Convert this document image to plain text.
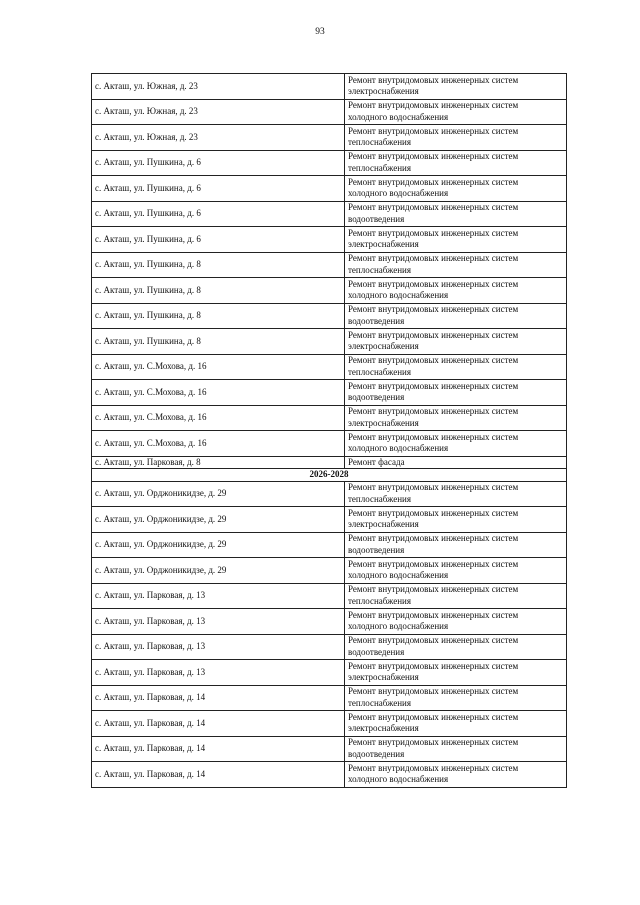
93
с. Акташ, ул. Южная, д. 23	Ремонт внутридомовых инженерных систем
электроснабжения
с. Акташ, ул. Южная, д. 23	Ремонт внутридомовых инженерных систем
холодного водоснабжения
с. Акташ, ул. Южная, д. 23	Ремонт внутридомовых инженерных систем
теплоснабжения
с. Акташ, ул. Пушкина, д. 6	Ремонт внутридомовых инженерных систем
теплоснабжения
с. Акташ, ул. Пушкина, д. 6	Ремонт внутридомовых инженерных систем
холодного водоснабжения
с. Акташ, ул. Пушкина, д. 6	Ремонт внутридомовых инженерных систем
водоотведения
с. Акташ, ул. Пушкина, д. 6	Ремонт внутридомовых инженерных систем
электроснабжения
с. Акташ, ул. Пушкина, д. 8	Ремонт внутридомовых инженерных систем
теплоснабжения
с. Акташ, ул. Пушкина, д. 8	Ремонт внутридомовых инженерных систем
холодного водоснабжения
с. Акташ, ул. Пушкина, д. 8	Ремонт внутридомовых инженерных систем
водоотведения
с. Акташ, ул. Пушкина, д. 8	Ремонт внутридомовых инженерных систем
электроснабжения
с. Акташ, ул. С.Мохова, д. 16	Ремонт внутридомовых инженерных систем
теплоснабжения
с. Акташ, ул. С.Мохова, д. 16	Ремонт внутридомовых инженерных систем
водоотведения
с. Акташ, ул. С.Мохова, д. 16	Ремонт внутридомовых инженерных систем
электроснабжения
с. Акташ, ул. С.Мохова, д. 16	Ремонт внутридомовых инженерных систем
холодного водоснабжения
с. Акташ, ул. Парковая, д. 8	Ремонт фасада
2026-2028	
с. Акташ, ул. Орджоникидзе, д. 29	Ремонт внутридомовых инженерных систем
теплоснабжения
с. Акташ, ул. Орджоникидзе, д. 29	Ремонт внутридомовых инженерных систем
электроснабжения
с. Акташ, ул. Орджоникидзе, д. 29	Ремонт внутридомовых инженерных систем
водоотведения
с. Акташ, ул. Орджоникидзе, д. 29	Ремонт внутридомовых инженерных систем
холодного водоснабжения
с. Акташ, ул. Парковая, д. 13	Ремонт внутридомовых инженерных систем
теплоснабжения
с. Акташ, ул. Парковая, д. 13	Ремонт внутридомовых инженерных систем
холодного водоснабжения
с. Акташ, ул. Парковая, д. 13	Ремонт внутридомовых инженерных систем
водоотведения
с. Акташ, ул. Парковая, д. 13	Ремонт внутридомовых инженерных систем
электроснабжения
с. Акташ, ул. Парковая, д. 14	Ремонт внутридомовых инженерных систем
теплоснабжения
с. Акташ, ул. Парковая, д. 14	Ремонт внутридомовых инженерных систем
электроснабжения
с. Акташ, ул. Парковая, д. 14	Ремонт внутридомовых инженерных систем
водоотведения
с. Акташ, ул. Парковая, д. 14	Ремонт внутридомовых инженерных систем
холодного водоснабжения
